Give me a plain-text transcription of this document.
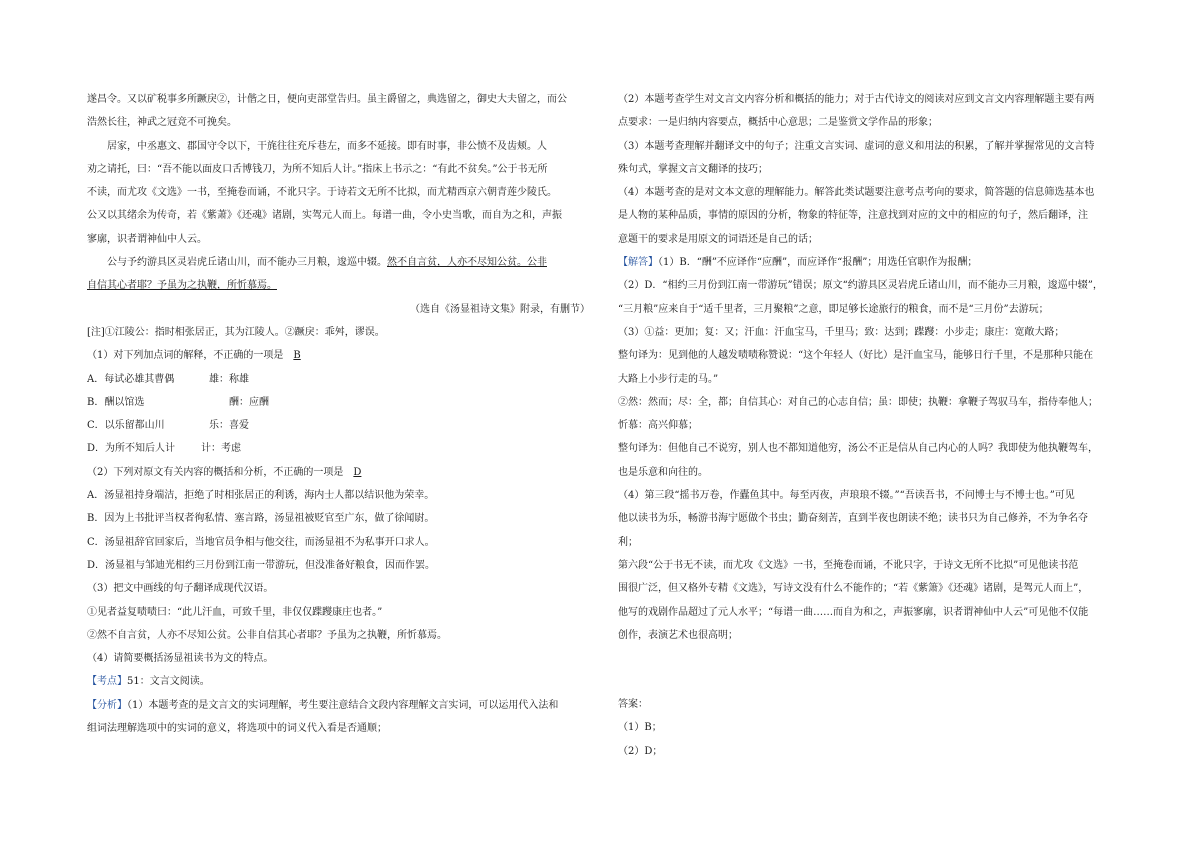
遂昌令。又以矿税事多所蹶戾②，计偕之日，便向吏部堂告归。虽主爵留之，典选留之，御史大夫留之，而公

浩然长往，神武之冠竞不可挽矣。

居家，中丞惠文、郡国守令以下，干旄往往充斥巷左，而多不延接。即有时事，非公愤不及齿颊。人

劝之请托，曰：“吾不能以面皮口舌博钱刀，为所不知后人计。”指床上书示之：“有此不贫矣。”公于书无所

不读，而尤攻《文选》一书，至掩卷而诵，不讹只字。于诗若文无所不比拟，而尤精西京六朝青莲少陵氏。

公又以其绪余为传奇，若《紫萧》《还魂》诸剧，实驾元人而上。每谱一曲，令小史当歌，而自为之和，声振

寥廓，识者谓神仙中人云。

公与予约游具区灵岩虎丘诸山川，而不能办三月粮，逡巡中辍。然不自言贫，人亦不尽知公贫。公非

自信其心者耶？予虽为之执鞭，所忻慕焉。

（选自《汤显祖诗文集》附录，有删节）

[注]①江陵公：指时相张居正，其为江陵人。②蹶戾：乖舛，谬误。

（1）对下列加点词的解释，不正确的一项是 B

A．每试必雄其曹偶	雄：称雄

B．酬以馆选	酬：应酬

C．以乐留都山川	乐：喜爱

D．为所不知后人计	计：考虑

（2）下列对原文有关内容的概括和分析，不正确的一项是 D

A．汤显祖持身端洁，拒绝了时相张居正的利诱，海内士人都以结识他为荣幸。

B．因为上书批评当权者徇私情、塞言路，汤显祖被贬官至广东，做了徐闻尉。

C．汤显祖辞官回家后，当地官员争相与他交往，而汤显祖不为私事开口求人。

D．汤显祖与邹迪光相约三月份到江南一带游玩，但没准备好粮食，因而作罢。

（3）把文中画线的句子翻译成现代汉语。

①见者益复啧啧曰：“此儿汗血，可致千里，非仅仅蹀躞康庄也者。”

②然不自言贫，人亦不尽知公贫。公非自信其心者耶？予虽为之执鞭，所忻慕焉。

（4）请简要概括汤显祖读书为文的特点。

【考点】51：文言文阅读。

【分析】（1）本题考查的是文言文的实词理解，考生要注意结合文段内容理解文言实词，可以运用代入法和

组词法理解选项中的实词的意义，将选项中的词义代入看是否通顺；

（2）本题考查学生对文言文内容分析和概括的能力；对于古代诗文的阅读对应到文言文内容理解题主要有两

点要求：一是归纳内容要点，概括中心意思；二是鉴赏文学作品的形象；

（3）本题考查理解并翻译文中的句子；注重文言实词、虚词的意义和用法的积累，了解并掌握常见的文言特

殊句式，掌握文言文翻译的技巧；

（4）本题考查的是对文本文意的理解能力。解答此类试题要注意考点考向的要求，简答题的信息筛选基本也

是人物的某种品质，事情的原因的分析，物象的特征等，注意找到对应的文中的相应的句子，然后翻译，注

意题干的要求是用原文的词语还是自己的话；

【解答】（1）B．“酬”不应译作“应酬”，而应译作“报酬”；用选任官职作为报酬；

（2）D．“相约三月份到江南一带游玩”错误；原文“约游具区灵岩虎丘诸山川，而不能办三月粮，逡巡中辍”，

“三月粮”应来自于“适千里者，三月聚粮”之意，即足够长途旅行的粮食，而不是“三月份”去游玩；

（3）①益：更加；复：又；汗血：汗血宝马，千里马；致：达到；蹀躞：小步走；康庄：宽敞大路；

整句译为：见到他的人越发啧啧称赞说：“这个年轻人（好比）是汗血宝马，能够日行千里，不是那种只能在

大路上小步行走的马。”

②然：然而；尽：全，都；自信其心：对自己的心志自信；虽：即使；执鞭：拿鞭子驾驭马车，指侍奉他人；

忻慕：高兴仰慕；

整句译为：但他自己不说穷，别人也不都知道他穷，汤公不正是信从自己内心的人吗？我即使为他执鞭驾车，

也是乐意和向往的。

（4）第三段“摇书万卷，作蠹鱼其中。每至丙夜，声琅琅不辍。”“吾读吾书，不问博士与不博士也。”可见

他以读书为乐，畅游书海宁愿做个书虫；勤奋刻苦，直到半夜也朗读不绝；读书只为自己修养，不为争名夺

利；

第六段“公于书无不读，而尤攻《文选》一书，至掩卷而诵，不讹只字，于诗文无所不比拟”可见他读书范

围很广泛，但又格外专精《文选》，写诗文没有什么不能作的；“若《紫箫》《还魂》诸剧，是驾元人而上”，

他写的戏剧作品超过了元人水平；“每谱一曲……而自为和之，声振寥廓，识者谓神仙中人云”可见他不仅能

创作，表演艺术也很高明；

答案：

（1）B；

（2）D；
